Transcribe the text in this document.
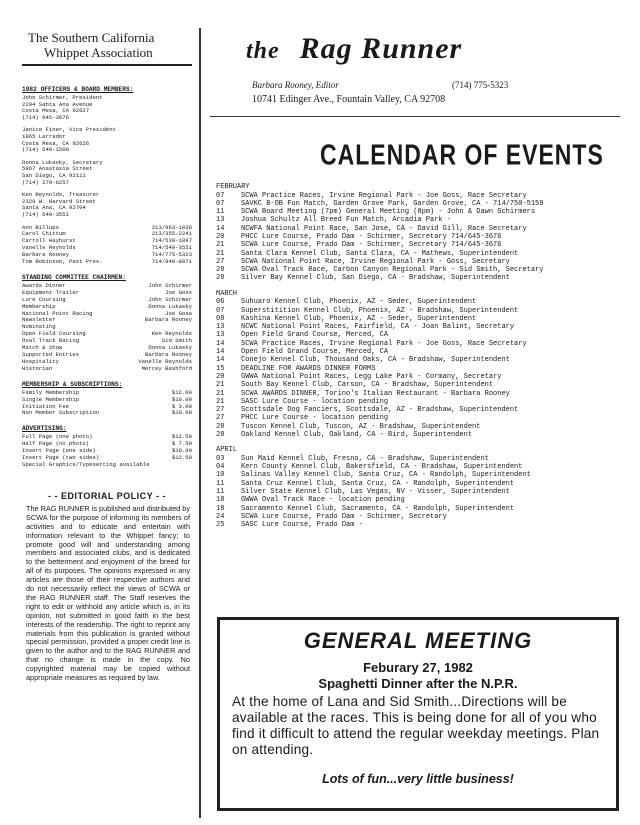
The Southern California
Whippet Association
1982 OFFICERS & BOARD MEMBERS:
John Schirmer, President
2204 Santa Ana Avenue
Costa Mesa, CA 92627
(714) 645-3676
Janice Finer, Vice President
1065 Larrador
Costa Mesa, CA 92626
(714) 546-1500
Donna Lukasky, Secretary
5967 Anastasia Street
San Diego, CA 92111
(714) 279-6257
Ken Reynolds, Treasurer
2329 W. Harvard Street
Santa Ana, CA 92704
(714) 549-3551
Ann Billups	213/963-1038
Carol Chittum	213/355-2241
Carroll Hayhurst	714/539-1897
Vanelle Reynolds	714/549-3551
Barbara Rooney	714/775-5323
Tom Robinson, Past Pres.	714/848-8971
STANDING COMMITTEE CHAIRMEN:
Awards Dinner	John Schirmer
Equipment Trailer	Joe Goss
Lure Coursing	John Schirmer
Membership	Donna Lukasky
National Point Racing	Joe Gosa
Newsletter	Barbara Rooney
Nominating
Open Field Coursing	Ken Reynolds
Oval Track Racing	Sid Smith
Match & Show	Donna Lukasky
Supported Entries	Barbara Rooney
Hospitality	Vanelle Reynolds
Historian	Mercey Bashford
MEMBERSHIP & SUBSCRIPTIONS:
Family Membership	$12.00
Single Membership	$10.00
Initiation Fee	$ 3.00
Non Member Subscription	$10.00
ADVERTISING:
Full Page (one photo)	$12.50
Half Page (no photo)	$ 7.50
Insert Page (one side)	$10.00
Insert Page (two sides)	$12.50
Special Graphics/Typesetting available
- - EDITORIAL POLICY - -
The RAG RUNNER is published and distributed by SCWA for the purpose of informing its members of activities and to educate and entertain with information relevant to the Whippet fancy; to promote good will and understanding among members and associated clubs, and is dedicated to the betterment and enjoyment of the breed for all of its purposes. The opinions expressed in any articles are those of their respective authors and do not necessarily reflect the views of SCWA or the RAG RUNNER staff. The Staff reserves the right to edit or withhold any article which is, in its opinion, not submitted in good faith in the best interests of the readership. The right to reprint any materials from this publication is granted without special permission, provided a proper credit line is given to the author and to the RAG RUNNER and that no change is made in the copy. No copyrighted material may be copied without appropriate measures as required by law.
the Rag Runner
Barbara Rooney, Editor	(714) 775-5323
10741 Edinger Ave., Fountain Valley, CA 92708
CALENDAR OF EVENTS
FEBRUARY
07	SCWA Practice Races, Irvine Regional Park - Joe Goss, Race Secretary
07	SAVKC B-OB Fun Match, Garden Grove Park, Garden Grove, CA - 714/750-5159
11	SCWA Board Meeting (7pm) General Meeting (8pm) - John & Dawn Schirmers
13	Joshua Schultz All Breed Fun Match, Arcadia Park -
14	NCWFA National Point Race, San Jose, CA - David Gill, Race Secretary
20	PHCC Lure Course, Prado Dam - Schirmer, Secretary 714/645-3676
21	SCWA Lure Course, Prado Dam - Schirmer, Secretary 714/645-3676
21	Santa Clara Kennel Club, Santa Clara, CA - Mathews, Superintendent
27	SCWA National Point Race, Irvine Regional Park - Goss, Secretary
28	SCWA Oval Track Race, Carbon Canyon Regional Park - Sid Smith, Secretary
28	Silver Bay Kennel Club, San Diego, CA - Bradshaw, Superintendent
MARCH
06	Suhuaro Kennel Club, Phoenix, AZ - Seder, Superintendent
07	Superstitition Kennel Club, Phoenix, AZ - Bradshaw, Superintendent
08	Kashina Kennel Club, Phoenix, AZ - Seder, Superintendent
13	NCWC National Point Races, Fairfield, CA - Joan Balint, Secretary
13	Open Field Grand Course, Merced, CA
14	SCWA Practice Races, Irvine Regional Park - Joe Goss, Race Secretary
14	Open Field Grand Course, Merced, CA
14	Conejo Kennel Club, Thousand Oaks, CA - Bradshaw, Superintendent
15	DEADLINE FOR AWARDS DINNER FORMS
20	GWWA National Point Races, Legg Lake Park - Cormany, Secretary
21	South Bay Kennel Club, Carson, CA - Bradshaw, Superintendent
21	SCWA AWARDS DINNER, Torino's Italian Restaurant - Barbara Rooney
21	SASC Lure Course - location pending
27	Scottsdale Dog Fanciers, Scottsdale, AZ - Bradshaw, Superintendent
27	PHCC Lure Course - location pending
28	Tuscon Kennel Club, Tuscon, AZ - Bradshaw, Superintendent
28	Oakland Kennel Club, Oakland, CA - Bird, Superintendent
APRIL
03	Sun Maid Kennel Club, Fresno, CA - Bradshaw, Superintendent
04	Kern County Kennel Club, Bakersfield, CA - Bradshaw, Superintendent
10	Salinas Valley Kennel Club, Santa Cruz, CA - Randolph, Superintendent
11	Santa Cruz Kennel Club, Santa Cruz, CA - Randolph, Superintendent
11	Silver State Kennel Club, Las Vegas, NV - Visser, Superintendent
18	GWWA Oval Track Race - location pending
18	Sacramento Kennel Club, Sacramento, CA - Randolph, Superintendent
24	SCWA Lure Course, Prado Dam - Schirmer, Secretary
25	SASC Lure Course, Prado Dam -
GENERAL MEETING
Feburary 27, 1982
Spaghetti Dinner after the N.P.R.
At the home of Lana and Sid Smith...Directions will be available at the races. This is being done for all of you who find it difficult to attend the regular weekday meetings. Plan on attending.
Lots of fun...very little business!
